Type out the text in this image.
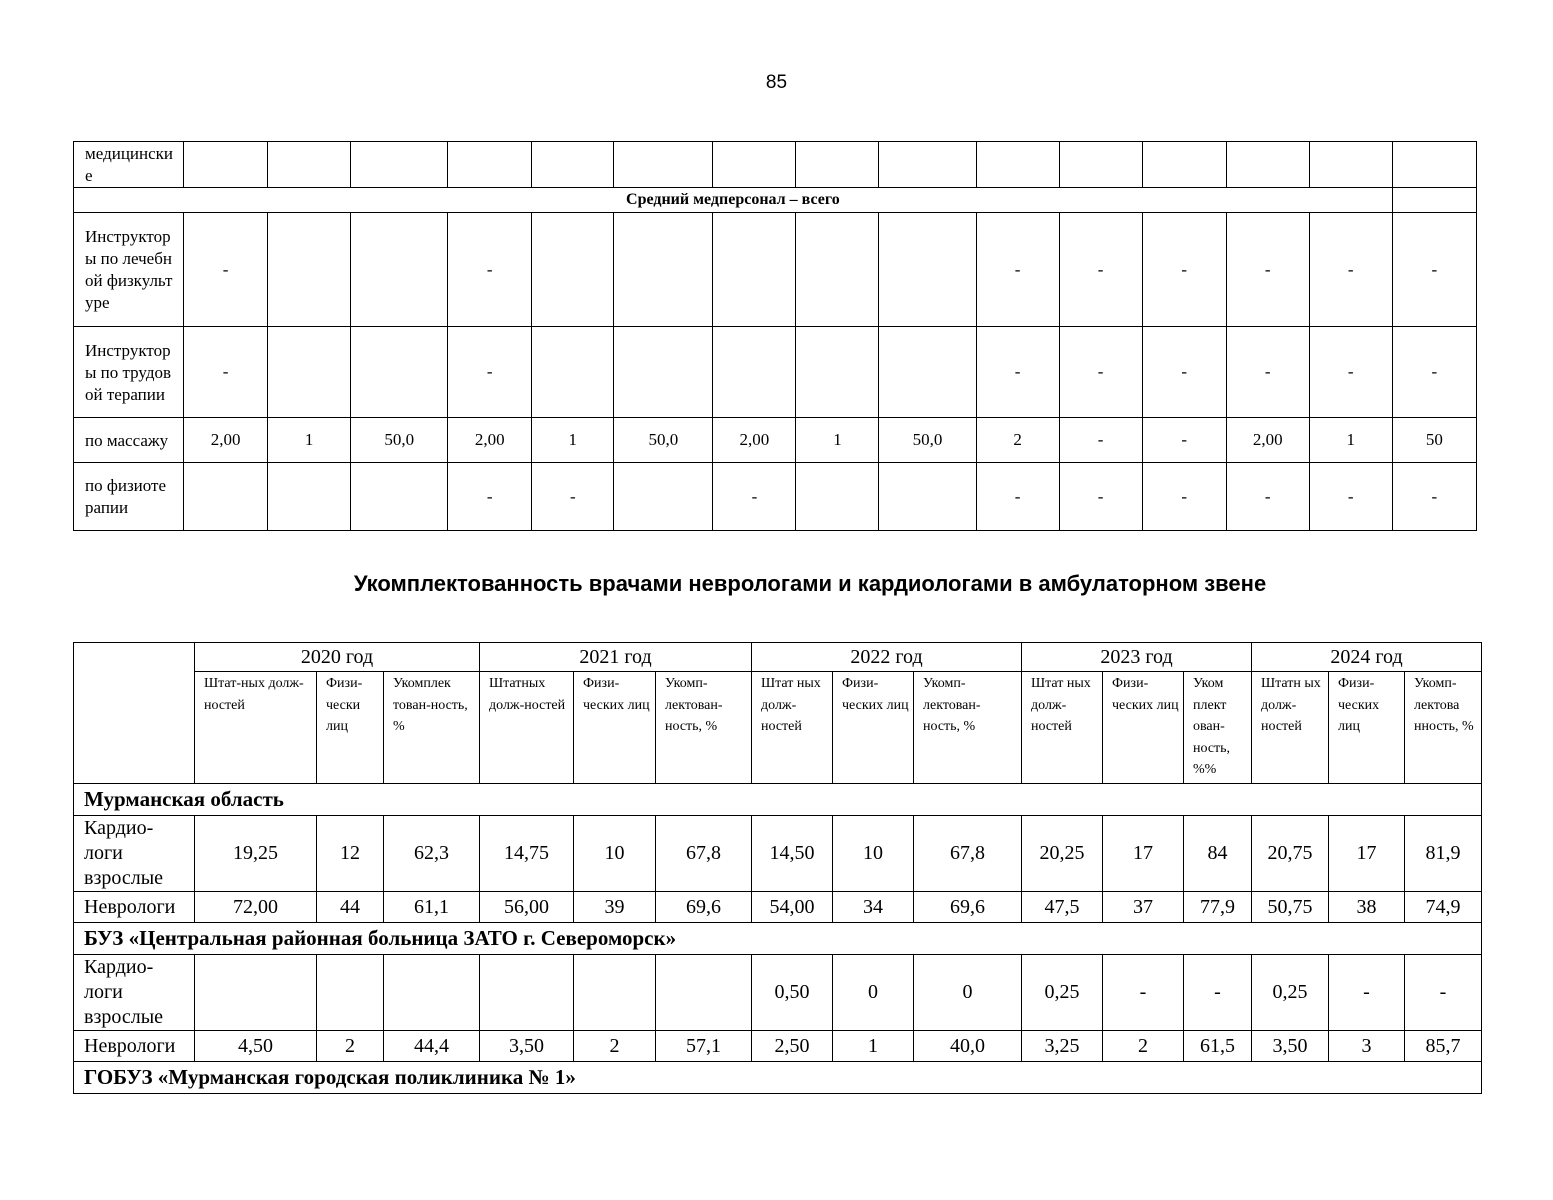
85
медицинские															
Средний медперсонал – всего															
Инструкторы по лечебной физкультуре	-			-						-	-	-	-	-	-
Инструкторы по трудовой терапии	-			-						-	-	-	-	-	-
по массажу	2,00	1	50,0	2,00	1	50,0	2,00	1	50,0	2	-	-	2,00	1	50
по физиотерапии				-	-		-			-	-	-	-	-	-
Укомплектованность врачами неврологами и кардиологами в амбулаторном звене
	2020 год			2021 год			2022 год			2023 год			2024 год		
	Штат-ных долж-ностей	Физи-чески лиц	Укомплек тован-ность, %	Штатных долж-ностей	Физи-ческих лиц	Укомп-лектован-ность, %	Штат ных долж-ностей	Физи-ческих лиц	Укомп-лектован-ность, %	Штат ных долж-ностей	Физи-ческих лиц	Уком плект ован-ность, %%	Штатн ых долж-ностей	Физи-ческих лиц	Укомп-лектова нность, %
Мурманская область															
Кардио-логи взрослые	19,25	12	62,3	14,75	10	67,8	14,50	10	67,8	20,25	17	84	20,75	17	81,9
Неврологи	72,00	44	61,1	56,00	39	69,6	54,00	34	69,6	47,5	37	77,9	50,75	38	74,9
БУЗ «Центральная районная больница ЗАТО г. Североморск»															
Кардио-логи взрослые							0,50	0	0	0,25	-	-	0,25	-	-
Неврологи	4,50	2	44,4	3,50	2	57,1	2,50	1	40,0	3,25	2	61,5	3,50	3	85,7
ГОБУЗ «Мурманская городская поликлиника № 1»															
